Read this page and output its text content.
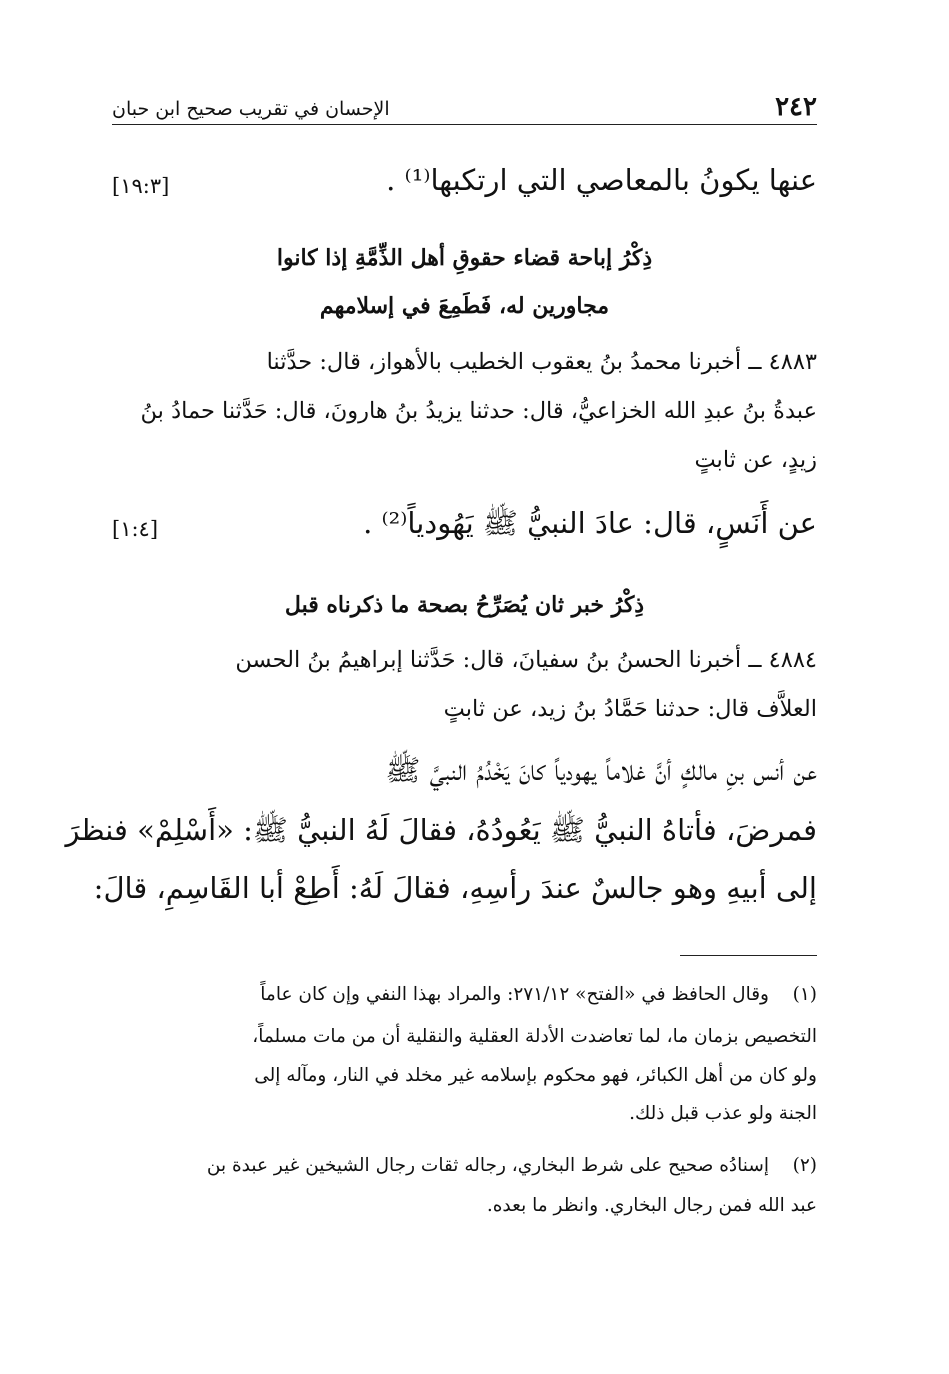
٢٤٢
الإحسان في تقريب صحيح ابن حبان
عنها يكونُ بالمعاصي التي ارتكبها⁽¹⁾ .
[١٩:٣]
ذِكْرُ إباحة قضاء حقوقِ أهل الذِّمَّةِ إذا كانوا
مجاورين له، فَطَمِعَ في إسلامهم
٤٨٨٣ ــ أخبرنا محمدُ بنُ يعقوب الخطيب بالأهواز، قال: حدَّثنا
عبدةُ بنُ عبدِ الله الخزاعيُّ، قال: حدثنا يزيدُ بنُ هارونَ، قال: حَدَّثنا حمادُ بنُ
زيدٍ، عن ثابتٍ
عن أَنَسٍ، قال: عادَ النبيُّ ﷺ يَهُودياً⁽²⁾ .
[١:٤]
ذِكْرُ خبر ثان يُصَرِّحُ بصحة ما ذكرناه قبل
٤٨٨٤ ــ أخبرنا الحسنُ بنُ سفيانَ، قال: حَدَّثنا إبراهيمُ بنُ الحسن
العلاَّف قال: حدثنا حَمَّادُ بنُ زيد، عن ثابتٍ
عن أنس بنِ مالكٍ أنَّ غلاماً يهودياً كانَ يَخْدُمُ النبيَّ ﷺ
فمرضَ، فأتاهُ النبيُّ ﷺ يَعُودُهُ، فقالَ لَهُ النبيُّ ﷺ: «أَسْلِمْ» فنظرَ
إلى أبيهِ وهو جالسٌ عندَ رأسِهِ، فقالَ لَهُ: أَطِعْ أبا القَاسِمِ، قالَ:
(١)وقال الحافظ في «الفتح» ٢٧١/١٢: والمراد بهذا النفي وإن كان عاماً
التخصيص بزمان ما، لما تعاضدت الأدلة العقلية والنقلية أن من مات مسلماً،
ولو كان من أهل الكبائر، فهو محكوم بإسلامه غير مخلد في النار، ومآله إلى
الجنة ولو عذب قبل ذلك.
(٢)إسنادُه صحيح على شرط البخاري، رجاله ثقات رجال الشيخين غير عبدة بن
عبد الله فمن رجال البخاري. وانظر ما بعده.
